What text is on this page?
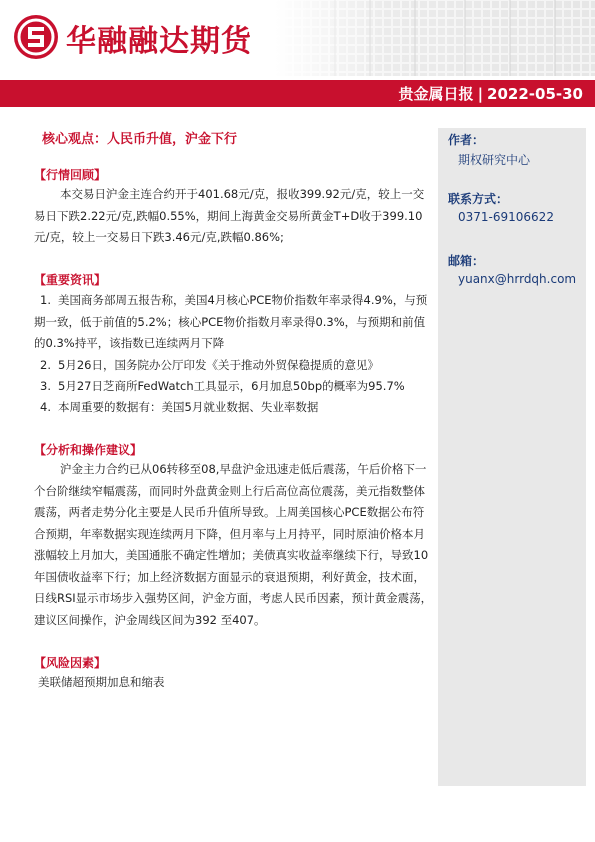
华融融达期货
贵金属日报 | 2022-05-30
核心观点：人民币升值，沪金下行
【行情回顾】
本交易日沪金主连合约开于401.68元/克，报收399.92元/克，较上一交易日下跌2.22元/克,跌幅0.55%，期间上海黄金交易所黄金T+D收于399.10元/克，较上一交易日下跌3.46元/克,跌幅0.86%;
【重要资讯】
1. 美国商务部周五报告称，美国4月核心PCE物价指数年率录得4.9%，与预期一致，低于前值的5.2%；核心PCE物价指数月率录得0.3%，与预期和前值的0.3%持平，该指数已连续两月下降
2. 5月26日，国务院办公厅印发《关于推动外贸保稳提质的意见》
3. 5月27日芝商所FedWatch工具显示，6月加息50bp的概率为95.7%
4. 本周重要的数据有：美国5月就业数据、失业率数据
【分析和操作建议】
沪金主力合约已从06转移至08,早盘沪金迅速走低后震荡，午后价格下一个台阶继续窄幅震荡，而同时外盘黄金则上行后高位高位震荡，美元指数整体震荡，两者走势分化主要是人民币升值所导致。上周美国核心PCE数据公布符合预期，年率数据实现连续两月下降，但月率与上月持平，同时原油价格本月涨幅较上月加大，美国通胀不确定性增加；美债真实收益率继续下行，导致10年国债收益率下行；加上经济数据方面显示的衰退预期，利好黄金，技术面，日线RSI显示市场步入强势区间，沪金方面，考虑人民币因素，预计黄金震荡，建议区间操作，沪金周线区间为392 至407。
【风险因素】
美联储超预期加息和缩表
作者：
期权研究中心
联系方式：
0371-69106622
邮箱：
yuanx@hrrdqh.com
